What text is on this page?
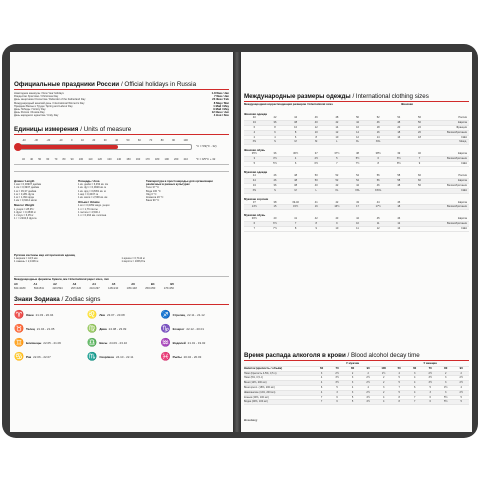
Официальные праздники России / Official holidays in Russia
Новогодние каникулы / New Year holidays	1-8 Янв / Jan
Рождество Христово / Christmas Day	7 Янв / Jan
День защитника Отечества / Defender of the Fatherland Day	23 Фев / Feb
Международный женский день / International Women's Day	8 Мар / Mar
Праздник Весны и Труда / Spring and Labour Day	1 Май / May
День Победы / Victory Day	9 Май / May
День России / Russia Day	12 Июн / Jun
День народного единства / Unity Day	4 Ноя / Nov
Единицы измерения / Units of measure
°C = 5/9(°F - 32)
°F = 9/5°C + 32
-40	-30	-20	-10	0	10	20	30	40	50	60	70	80	90	100
32 40 50 60 70 80 90 100 110 120 130 140 150 160 170 180 190 200 210
Длина / Length
1 мм = 0,03937 дюйма
1 см = 0,3937 дюйма
1 м = 39,37 дюйма
1 м = 3,281 фута
1 м = 1,094 ярда
1 км = 0,6214 мили
Масса / Weight
1 унция = 28,35 г
1 фунт = 0,4536 кг
1 стоун = 6,35 кг
1 т = 2204,6 фунта
Площадь / Area
1 кв. дюйм = 6,452 кв. см
1 кв. фут = 0,0929 кв. м
1 кв. ярд = 0,8361 кв. м
1 акр = 0,4047 га
1 кв. миля = 2,590 кв. км
Объем / Volume
1 мл = 0,0352 жидк. унции
1 л = 1,76 пинты
1 галлон = 4,546 л
1 л = 0,264 ам. галлона
Температура в простонародье для организации различных в разных культурах
Тело 37 °C
Вода 100 °C
Лёд 0 °C
Комната 20 °C
Баня 90 °C
Русские системы мер исторических единиц
1 вершок = 44,5 мм	1 аршин = 0,7112 м
1 сажень = 2,1336 м	1 верста = 1066,8 м
Международные форматы бумаги, мм / International paper sizes, mm
A0	A1	A2	A3	A4	A5	A6	B4	B5
841×1189	594×841	420×594	297×420	210×297	148×210	105×148	250×353	176×250
Знаки Зодиака / Zodiac signs
♈ Овен 21.03 - 20.04	♌ Лев 23.07 - 23.08	♐ Стрелец 22.11 - 21.12
♉ Телец 21.04 - 21.05	♍ Дева 24.08 - 23.09	♑ Козерог 22.12 - 20.01
♊ Близнецы 22.05 - 21.06	♎ Весы 24.09 - 23.10	♒ Водолей 21.01 - 19.02
♋ Рак 22.06 - 22.07	♏ Скорпион 24.10 - 22.11	♓ Рыбы 20.02 - 20.03
Международные размеры одежды / International clothing sizes
Международная корреспонденция размеров / International sizes	Женская
Женская одежда
40	42	44	46	48	50	52	54	56	Россия
34	36	38	40	42	44	46	48	50	Европа
6	8	10	12	14	16	18	20	22	Франция
4	6	8	10	12	14	16	18	20	Великобритания
2	4	6	8	10	12	14	16	18	США
XS	S	M	M	L	XL	XXL	Межд.
Женская обувь
35½	36	36½	37	37½	38	38½	39	40	Европа
3	3½	4	4½	5	5½	6	6½	7	Великобритания
5	5½	6	6½	7	7½	8	8½	9	США
Мужская одежда
44	46	48	50	52	54	56	58	60	Россия
44	46	48	50	52	54	56	58	60	Европа
34	36	38	40	42	44	46	48	50	Великобритания
XS	S	M	L	XL	XXL	XXXL	США
Мужские сорочки
37	38	39-40	41	42	43	44	45	Европа
14½	15	15½	16	16½	17	17½	18	Великобритания
Мужская обувь
39½	40	41	42	43	44	45	46	Европа
6	6½	7	8	9	10	11	12	Великобритания
7	7½	8	9	10	11	12	13	США
Время распада алкоголя в крови / Blood alcohol decay time
У мужчин	У женщин
Напиток (крепость / объём)	60	70	80	90	100	50	60	70	80	90
Пиво (Крепость 4-5%, 0,5 л)	3	2½	2	2	1½	4	3	2½	2	2
Пиво (6%, 0,5 л)	4	3½	3	2½	2	5	4	3½	3	2½
Вино (12%, 200 мл)	4	3½	3	2½	2	5	4	3½	3	2½
Вино крепл. (18%, 200 мл)	6	5	4	4	3	7	6	5	4½	4
Шампанское (11%, 200 мл)	4	3	3	2½	2	5	4	3	3	2½
Коньяк (40%, 100 мл)	7	6	5	4½	4	8	7	6	5½	5
Водка (40%, 100 мл)	7	6	5	4½	4	8	7	6	5½	5
Brauberg
